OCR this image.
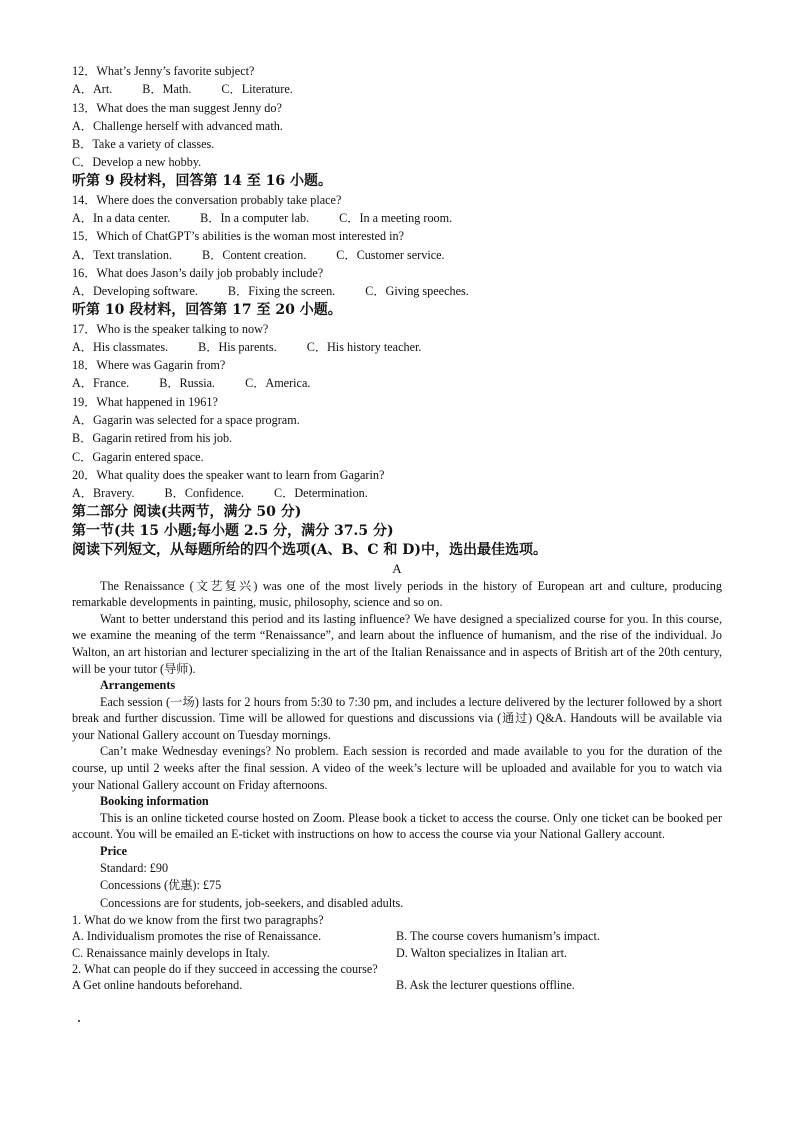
12．What’s Jenny’s favorite subject?

A．Art. B．Math. C．Literature.

13．What does the man suggest Jenny do?

A．Challenge herself with advanced math.

B．Take a variety of classes.

C．Develop a new hobby.

听第 9 段材料，回答第 14 至 16 小题。

14．Where does the conversation probably take place?

A．In a data center. B．In a computer lab. C．In a meeting room.

15．Which of ChatGPT’s abilities is the woman most interested in?

A．Text translation. B．Content creation. C．Customer service.

16．What does Jason’s daily job probably include?

A．Developing software. B．Fixing the screen. C．Giving speeches.

听第 10 段材料，回答第 17 至 20 小题。

17．Who is the speaker talking to now?

A．His classmates. B．His parents. C．His history teacher.

18．Where was Gagarin from?

A．France. B．Russia. C．America.

19．What happened in 1961?

A．Gagarin was selected for a space program.

B．Gagarin retired from his job.

C．Gagarin entered space.

20．What quality does the speaker want to learn from Gagarin?

A．Bravery. B．Confidence. C．Determination.

第二部分 阅读(共两节，满分 50 分)

第一节(共 15 小题;每小题 2.5 分，满分 37.5 分)

阅读下列短文，从每题所给的四个选项(A、B、C 和 D)中，选出最佳选项。

A

The Renaissance (文艺复兴) was one of the most lively periods in the history of European art and culture, producing remarkable developments in painting, music, philosophy, science and so on.

Want to better understand this period and its lasting influence? We have designed a specialized course for you. In this course, we examine the meaning of the term “Renaissance”, and learn about the influence of humanism, and the rise of the individual. Jo Walton, an art historian and lecturer specializing in the art of the Italian Renaissance and in aspects of British art of the 20th century, will be your tutor (导师).

Arrangements

Each session (一场) lasts for 2 hours from 5:30 to 7:30 pm, and includes a lecture delivered by the lecturer followed by a short break and further discussion. Time will be allowed for questions and discussions via (通过) Q&A. Handouts will be available via your National Gallery account on Tuesday mornings.

Can’t make Wednesday evenings? No problem. Each session is recorded and made available to you for the duration of the course, up until 2 weeks after the final session. A video of the week’s lecture will be uploaded and available for you to watch via your National Gallery account on Friday afternoons.

Booking information

This is an online ticketed course hosted on Zoom. Please book a ticket to access the course. Only one ticket can be booked per account. You will be emailed an E-ticket with instructions on how to access the course via your National Gallery account.

Price

Standard: £90

Concessions (优惠): £75

Concessions are for students, job-seekers, and disabled adults.

1. What do we know from the first two paragraphs?

A. Individualism promotes the rise of Renaissance.	B. The course covers humanism’s impact.
C. Renaissance mainly develops in Italy.	D. Walton specializes in Italian art.

2. What can people do if they succeed in accessing the course?

A Get online handouts beforehand.	B. Ask the lecturer questions offline.
